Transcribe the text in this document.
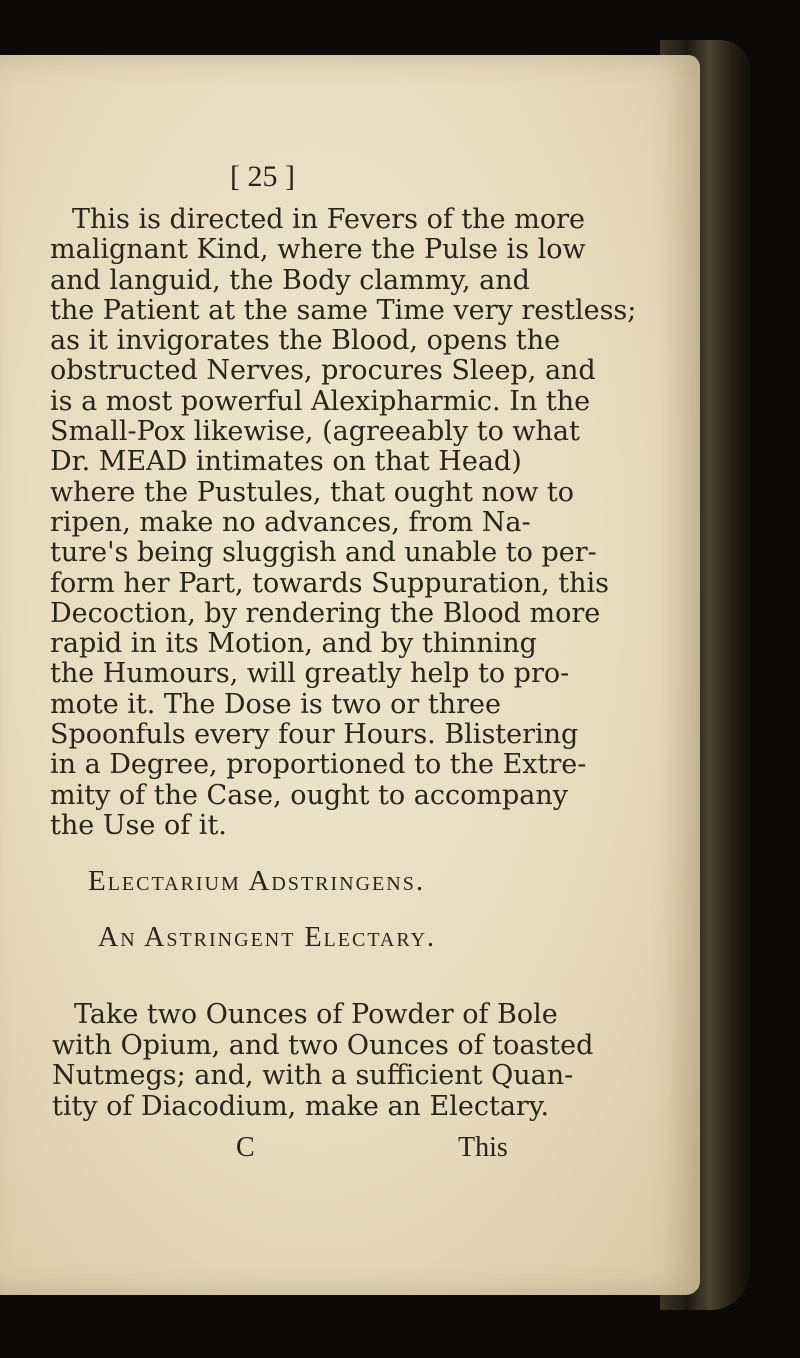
[ 25 ]
This is directed in Fevers of the more
malignant Kind, where the Pulse is low
and languid, the Body clammy, and
the Patient at the same Time very restless;
as it invigorates the Blood, opens the
obstructed Nerves, procures Sleep, and
is a most powerful Alexipharmic. In the
Small-Pox likewise, (agreeably to what
Dr. MEAD intimates on that Head)
where the Pustules, that ought now to
ripen, make no advances, from Na-
ture's being sluggish and unable to per-
form her Part, towards Suppuration, this
Decoction, by rendering the Blood more
rapid in its Motion, and by thinning
the Humours, will greatly help to pro-
mote it. The Dose is two or three
Spoonfuls every four Hours. Blistering
in a Degree, proportioned to the Extre-
mity of the Case, ought to accompany
the Use of it.
Electarium Adstringens.
An Astringent Electary.
Take two Ounces of Powder of Bole
with Opium, and two Ounces of toasted
Nutmegs; and, with a sufficient Quan-
tity of Diacodium, make an Electary.
C	This
